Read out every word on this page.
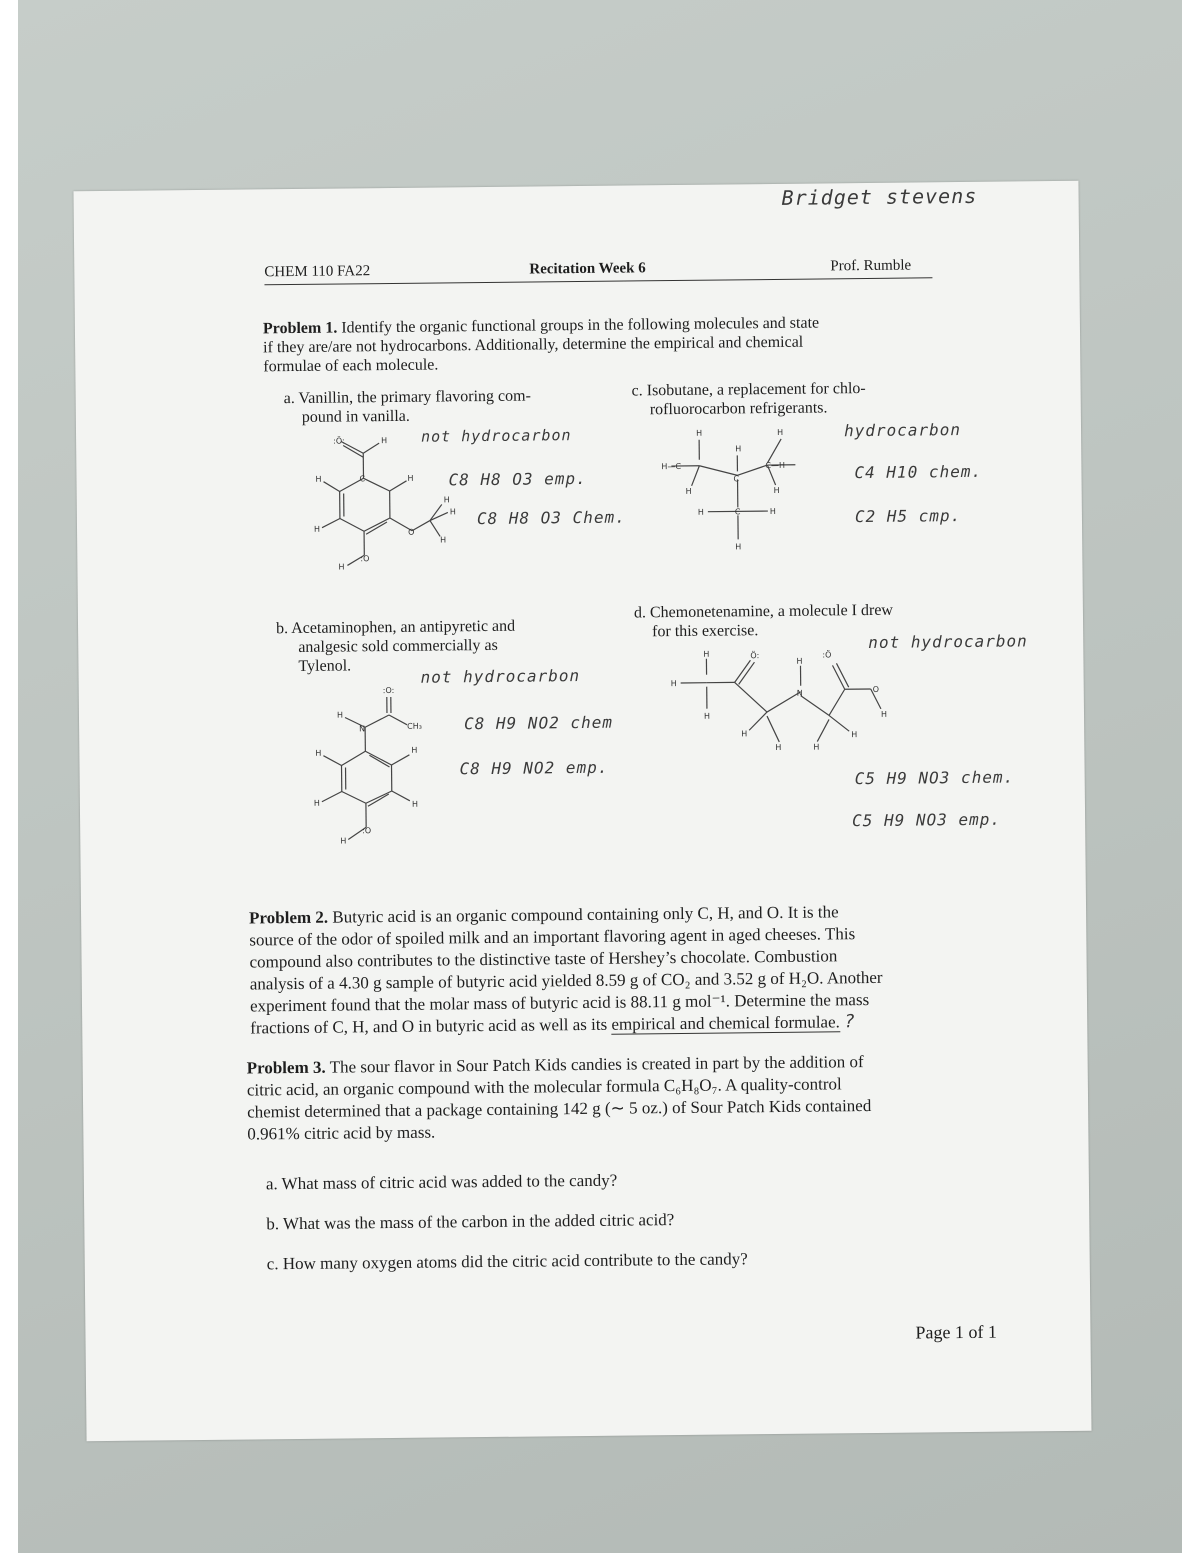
Bridget stevens
CHEM 110 FA22	Recitation Week 6	Prof. Rumble
Problem 1. Identify the organic functional groups in the following molecules and state
if they are/are not hydrocarbons. Additionally, determine the empirical and chemical
formulae of each molecule.
a. Vanillin, the primary flavoring com-
pound in vanilla.
not hydrocarbon
C8 H8 O3 emp.
C8 H8 O3 Chem.
:Ö:	H
C	H
H
H
:O
H
O
H
H
H
b. Acetaminophen, an antipyretic and
analgesic sold commercially as
Tylenol.	not hydrocarbon
C8 H9 NO2 chem
C8 H9 NO2 emp.
:O:
CH₃
H
N
H
H
H	H
:O
H
c. Isobutane, a replacement for chlo-
rofluorocarbon refrigerants.
hydrocarbon
C4 H10 chem.
C2 H5 cmp.
H	H
H
H—C	C—H
C
H	H
H	C	H
H
d. Chemonetenamine, a molecule I drew
for this exercise.
not hydrocarbon
C5 H9 NO3 chem.
C5 H9 NO3 emp.
H
H
H
Ö:
H
N
:Ö
O
H
H
H	H
H
Problem 2. Butyric acid is an organic compound containing only C, H, and O. It is the
source of the odor of spoiled milk and an important flavoring agent in aged cheeses. This
compound also contributes to the distinctive taste of Hershey’s chocolate. Combustion
analysis of a 4.30 g sample of butyric acid yielded 8.59 g of CO₂ and 3.52 g of H₂O. Another
experiment found that the molar mass of butyric acid is 88.11 g mol⁻¹. Determine the mass
fractions of C, H, and O in butyric acid as well as its empirical and chemical formulae. ?
Problem 3. The sour flavor in Sour Patch Kids candies is created in part by the addition of
citric acid, an organic compound with the molecular formula C₆H₈O₇. A quality-control
chemist determined that a package containing 142 g (∼ 5 oz.) of Sour Patch Kids contained
0.961% citric acid by mass.
a. What mass of citric acid was added to the candy?
b. What was the mass of the carbon in the added citric acid?
c. How many oxygen atoms did the citric acid contribute to the candy?
Page 1 of 1
